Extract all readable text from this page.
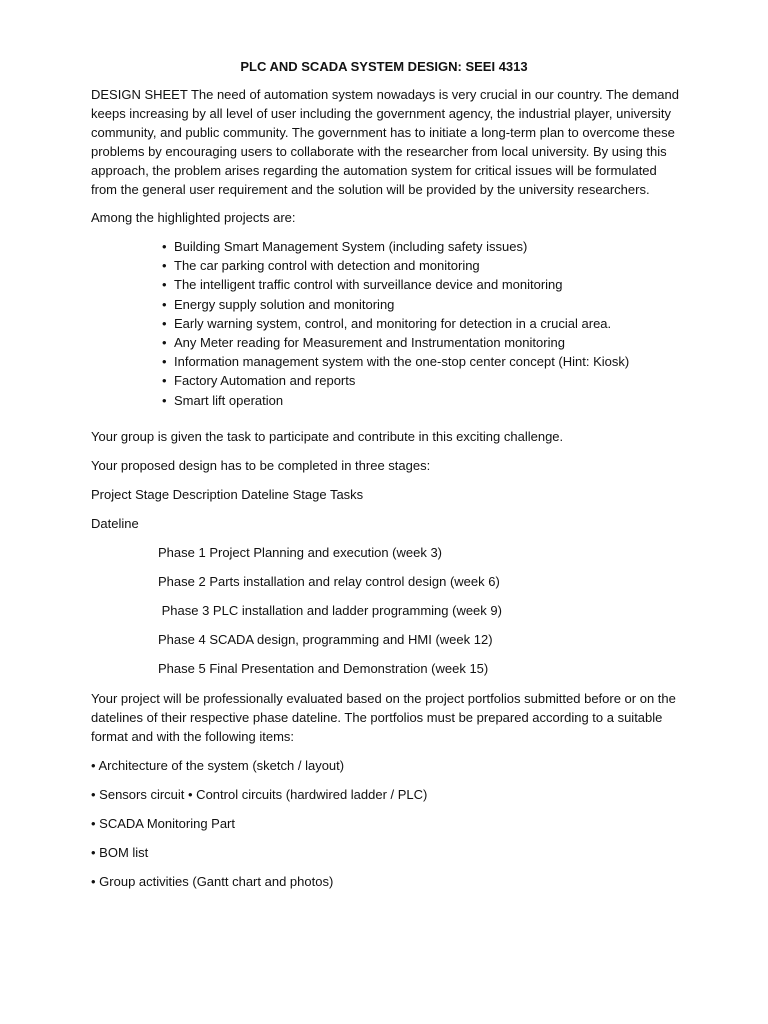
PLC AND SCADA SYSTEM DESIGN: SEEI 4313

DESIGN SHEET The need of automation system nowadays is very crucial in our country. The demand keeps increasing by all level of user including the government agency, the industrial player, university community, and public community. The government has to initiate a long-term plan to overcome these problems by encouraging users to collaborate with the researcher from local university. By using this approach, the problem arises regarding the automation system for critical issues will be formulated from the general user requirement and the solution will be provided by the university researchers.

Among the highlighted projects are:
• Building Smart Management System (including safety issues)
• The car parking control with detection and monitoring
• The intelligent traffic control with surveillance device and monitoring
• Energy supply solution and monitoring
• Early warning system, control, and monitoring for detection in a crucial area.
• Any Meter reading for Measurement and Instrumentation monitoring
• Information management system with the one-stop center concept (Hint: Kiosk)
• Factory Automation and reports
• Smart lift operation
Your group is given the task to participate and contribute in this exciting challenge.
Your proposed design has to be completed in three stages:
Project Stage Description Dateline Stage Tasks
Dateline
Phase 1 Project Planning and execution (week 3)
Phase 2 Parts installation and relay control design (week 6)
Phase 3 PLC installation and ladder programming (week 9)
Phase 4 SCADA design, programming and HMI (week 12)
Phase 5 Final Presentation and Demonstration (week 15)

Your project will be professionally evaluated based on the project portfolios submitted before or on the datelines of their respective phase dateline. The portfolios must be prepared according to a suitable format and with the following items:

• Architecture of the system (sketch / layout)
• Sensors circuit • Control circuits (hardwired ladder / PLC)
• SCADA Monitoring Part
• BOM list
• Group activities (Gantt chart and photos)
